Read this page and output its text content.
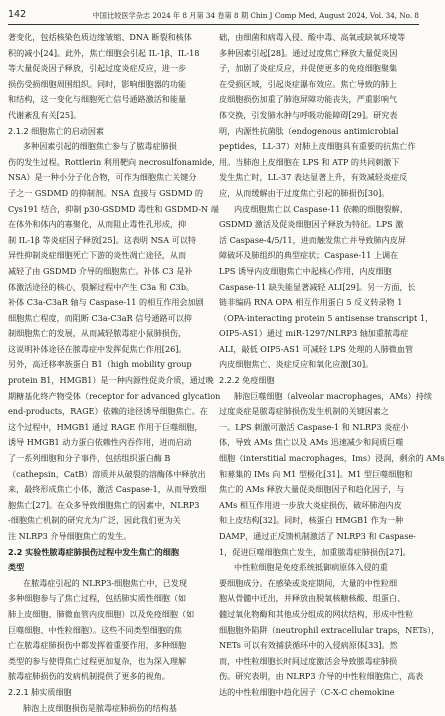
142	中国比较医学杂志 2024 年 8 月第 34 卷第 8 期 Chin J Comp Med, August 2024, Vol. 34, No. 8
著变化，包括核染色质边缘皱缩、DNA 断裂和核体
积的减小[24]。此外，焦亡细胞会引起 IL-1β、IL-18
等大量促炎因子释放，引起过度炎症反应，进一步
损伤受损细胞周围组织。同时，影响细胞器的功能
和结构，这一变化与细胞死亡信号通路激活和能量
代谢紊乱有关[25]。
2.1.2 细胞焦亡的启动因素
多种因素引起的细胞焦亡参与了脓毒症肺损
伤的发生过程。Rottlerin 利用靶向 necrosulfonamide,
NSA）是一种小分子化合物，可作为细胞焦亡关键分
子之一 GSDMD 的抑制剂。NSA 直接与 GSDMD 的
Cys191 结合，抑制 p30-GSDMD 毒性和 GSDMD-N 端
在体外和体内的寡聚化，从而阻止毒性孔形成，抑
制 IL-1β 等炎症因子释放[25]。这表明 NSA 可以特
异性抑制炎症细胞死亡下游的炎性凋亡途径，从而
减轻了由 GSDMD 介导的细胞焦亡。补体 C3 是补
体激活途径的核心，裂解过程中产生 C3a 和 C3b。
补体 C3a-C3aR 轴与 Caspase-11 的相互作用会加剧
细胞焦亡程度，而阻断 C3a-C3aR 信号通路可以抑
制细胞焦亡的发展，从而减轻脓毒症小鼠肺损伤，
这说明补体途径在脓毒症中发挥促焦亡作用[26]。
另外，高迁移率族蛋白 B1（high mobility group
protein B1，HMGB1）是一种内源性促炎介质，通过晚
期糖基化终产物受体（receptor for advanced glycation
end-products，RAGE）依赖的途径诱导细胞焦亡。在
这个过程中，HMGB1 通过 RAGE 作用于巨噬细胞，
诱导 HMGB1 动力蛋白依赖性内吞作用，进而启动
了一系列细胞和分子事件，包括组织蛋白酶 B
（cathepsin，CatB）溶质并从破裂的溶酶体中释放出
来，最终形成焦亡小体，激活 Caspase-1，从而导致细
胞焦亡[27]。在众多导致细胞焦亡的因素中，NLRP3
-细胞焦亡机制的研究尤为广泛，因此我们更为关
注 NLRP3 介导细胞焦亡的发生。
2.2 实验性脓毒症肺损伤过程中发生焦亡的细胞
类型
在脓毒症引起的 NLRP3-细胞焦亡中，已发现
多种细胞参与了焦亡过程，包括肺实质性细胞（如
肺上皮细胞、肺微血管内皮细胞）以及免疫细胞（如
巨噬细胞、中性粒细胞）。这些不同类型细胞的焦
亡在脓毒症肺损伤中都发挥着重要作用，多种细胞
类型的参与使得焦亡过程更加复杂，也为深入理解
脓毒症肺损伤的发病机制提供了更多的视角。
2.2.1 肺实质细胞
肺泡上皮细胞损伤是脓毒症肺损伤的结构基
础，由细菌和病毒入侵、酸中毒、高氧或缺氧环境等
多种因素引起[28]。通过过度焦亡释放大量促炎因
子，加剧了炎症反应，并促使更多的免疫细胞聚集
在受损区域，引起炎症瀑布效应。焦亡导致的肺上
皮细胞损伤加重了肺泡屏障功能丧失，严重影响气
体交换，引发肺水肿与呼吸功能障碍[29]。研究表
明，内源性抗菌肽（endogenous antimicrobial
peptides，LL-37）对肺上皮细胞具有重要的抗焦亡作
用。当肺泡上皮细胞在 LPS 和 ATP 的共同刺激下
发生焦亡时，LL-37 表达显著上升，有效减轻炎症反
应，从而缓解由于过度焦亡引起的肺损伤[30]。
内皮细胞焦亡以 Caspase-11 依赖的细胞裂解、
GSDMD 激活及促炎细胞因子释放为特征。LPS 激
活 Caspase-4/5/11，进而触发焦亡并导致肺内皮屏
障破坏及肺组织的典型症状；Caspase-11 上调在
LPS 诱导内皮细胞焦亡中起核心作用，内皮细胞
Caspase-11 缺失能显著减轻 ALI[29]。另一方面，长
链非编码 RNA OPA 相互作用蛋白 5 反义转录物 1
（OPA-interacting protein 5 antisense transcript 1，
OIP5-AS1）通过 miR-1297/NLRP3 轴加重脓毒症
ALI，敲低 OIP5-AS1 可减轻 LPS 处理的人肺微血管
内皮细胞焦亡、炎症反应和氧化应激[30]。
2.2.2 免疫细胞
肺泡巨噬细胞（alveolar macrophages，AMs）持续
过度炎症是脓毒症肺损伤发生机制的关键因素之
一。LPS 刺激可激活 Caspase-1 和 NLRP3 炎症小
体，导致 AMs 焦亡以及 AMs 迅速减少和间质巨噬
细胞（interstitial macrophages，Ims）浸润，剩余的 AMs
和募集的 IMs 向 M1 型极化[31]。M1 型巨噬细胞和
焦亡的 AMs 释放大量促炎细胞因子和趋化因子，与
AMs 相互作用进一步放大炎症损伤，破坏肺泡内皮
和上皮结构[32]。同时，核蛋白 HMGB1 作为一种
DAMP，通过正反馈机制激活了 NLRP3 和 Caspase-
1，促进巨噬细胞焦亡发生，加重脓毒症肺损伤[27]。
中性粒细胞是免疫系统抵御病原体入侵的重
要细胞成分。在感染或炎症期间，大量的中性粒细
胞从骨髓中迁出，并释放由脱氧核糖核酸、组蛋白、
髓过氧化物酶和其他成分组成的网状结构，形成中性粒
细胞胞外陷阱（neutrophil extracellular traps，NETs），
NETs 可以有效捕获循环中的入侵病原体[33]。然
而，中性粒细胞长时间过度激活会导致脓毒症肺损
伤。研究表明，由 NLRP3 介导的中性粒细胞焦亡，高表
达的中性粒细胞中趋化因子（C-X-C chemokine
